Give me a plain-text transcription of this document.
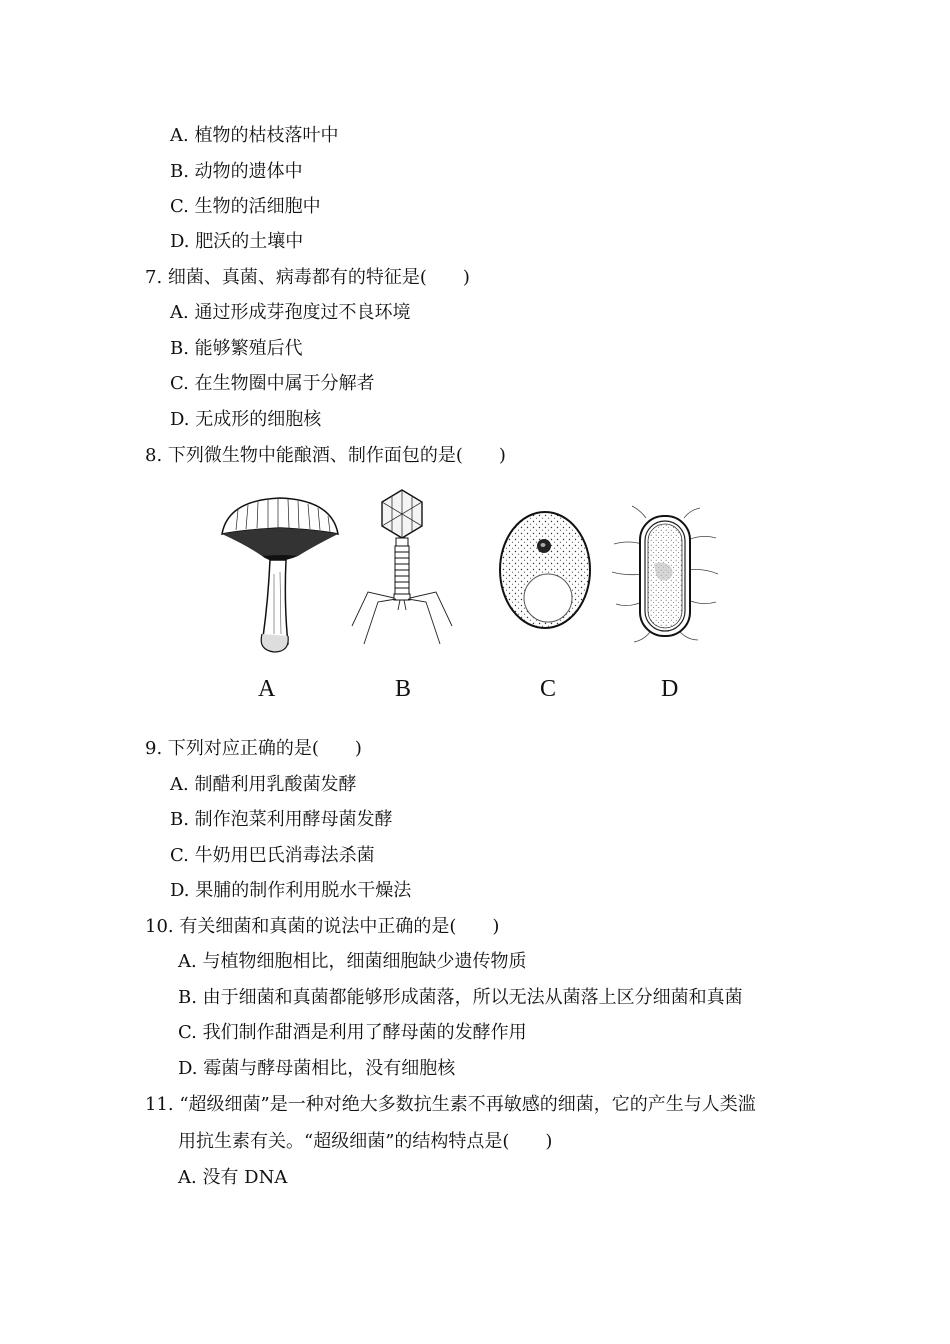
A. 植物的枯枝落叶中
B. 动物的遗体中
C. 生物的活细胞中
D. 肥沃的土壤中
7. 细菌、真菌、病毒都有的特征是(　　)
A. 通过形成芽孢度过不良环境
B. 能够繁殖后代
C. 在生物圈中属于分解者
D. 无成形的细胞核
8. 下列微生物中能酿酒、制作面包的是(　　)
A	B	C	D
9. 下列对应正确的是(　　)
A. 制醋利用乳酸菌发酵
B. 制作泡菜利用酵母菌发酵
C. 牛奶用巴氏消毒法杀菌
D. 果脯的制作利用脱水干燥法
10. 有关细菌和真菌的说法中正确的是(　　)
A. 与植物细胞相比，细菌细胞缺少遗传物质
B. 由于细菌和真菌都能够形成菌落，所以无法从菌落上区分细菌和真菌
C. 我们制作甜酒是利用了酵母菌的发酵作用
D. 霉菌与酵母菌相比，没有细胞核
11. “超级细菌”是一种对绝大多数抗生素不再敏感的细菌，它的产生与人类滥
用抗生素有关。“超级细菌”的结构特点是(　　)
A. 没有 DNA
